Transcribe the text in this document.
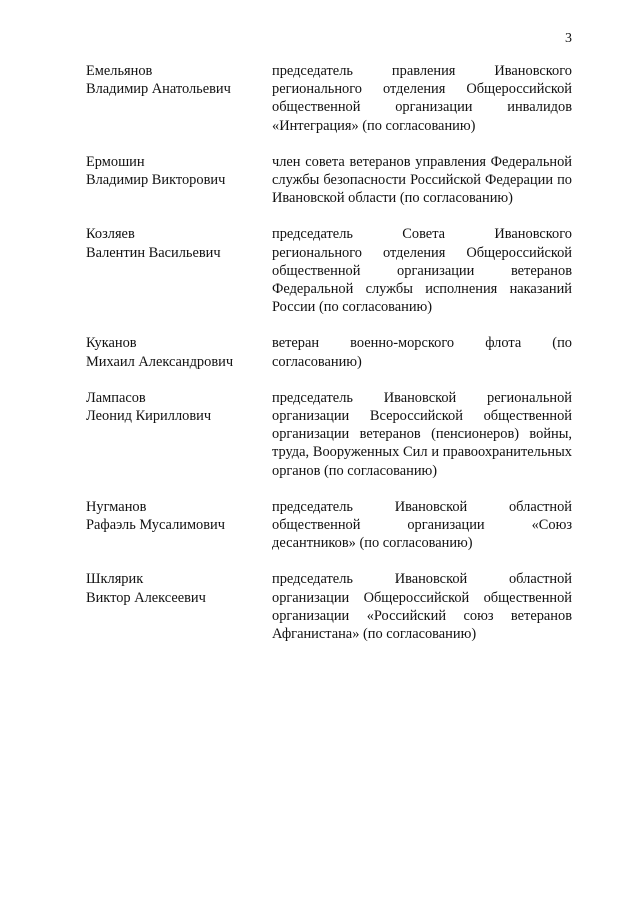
3
Емельянов
Владимир Анатольевич
председатель правления Ивановского регионального отделения Общероссийской общественной организации инвалидов «Интеграция» (по согласованию)
Ермошин
Владимир Викторович
член совета ветеранов управления Федеральной службы безопасности Российской Федерации по Ивановской области (по согласованию)
Козляев
Валентин Васильевич
председатель Совета Ивановского регионального отделения Общероссийской общественной организации ветеранов Федеральной службы исполнения наказаний России (по согласованию)
Куканов
Михаил Александрович
ветеран военно-морского флота (по согласованию)
Лампасов
Леонид Кириллович
председатель Ивановской региональной организации Всероссийской общественной организации ветеранов (пенсионеров) войны, труда, Вооруженных Сил и правоохранительных органов (по согласованию)
Нугманов
Рафаэль Мусалимович
председатель Ивановской областной общественной организации «Союз десантников» (по согласованию)
Шклярик
Виктор Алексеевич
председатель Ивановской областной организации Общероссийской общественной организации «Российский союз ветеранов Афганистана» (по согласованию)
